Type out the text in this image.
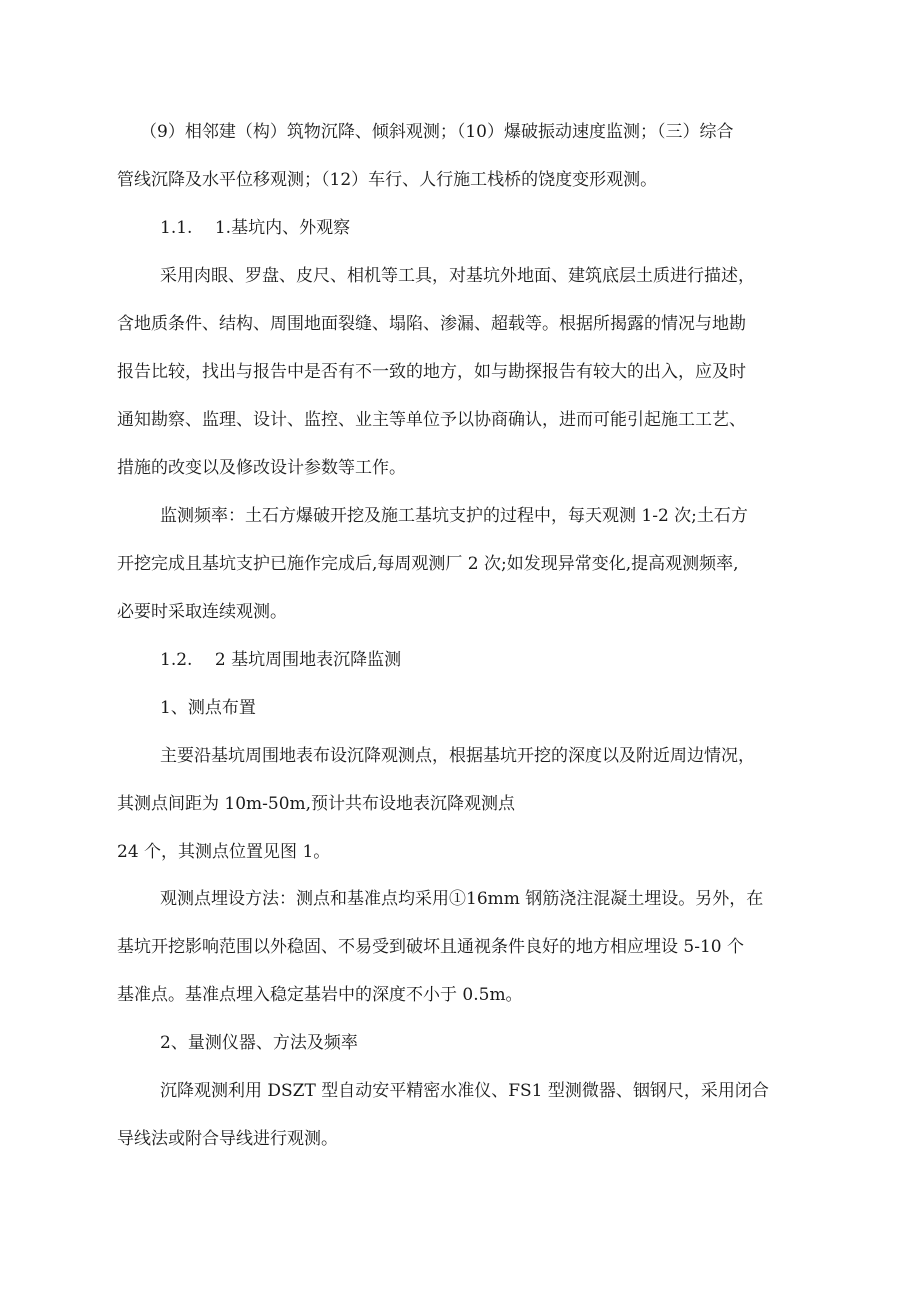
（9）相邻建（构）筑物沉降、倾斜观测；（10）爆破振动速度监测；（三）综合
管线沉降及水平位移观测；（12）车行、人行施工栈桥的饶度变形观测。
1.1.　 1.基坑内、外观察
采用肉眼、罗盘、皮尺、相机等工具，对基坑外地面、建筑底层土质进行描述，
含地质条件、结构、周围地面裂缝、塌陷、渗漏、超载等。根据所揭露的情况与地勘
报告比较，找出与报告中是否有不一致的地方，如与勘探报告有较大的出入，应及时
通知勘察、监理、设计、监控、业主等单位予以协商确认，进而可能引起施工工艺、
措施的改变以及修改设计参数等工作。
监测频率：土石方爆破开挖及施工基坑支护的过程中，每天观测 1-2 次;土石方
开挖完成且基坑支护已施作完成后,每周观测厂 2 次;如发现异常变化,提高观测频率,
必要时采取连续观测。
1.2.　 2 基坑周围地表沉降监测
1、测点布置
主要沿基坑周围地表布设沉降观测点，根据基坑开挖的深度以及附近周边情况，
其测点间距为 10m-50m,预计共布设地表沉降观测点
24 个，其测点位置见图 1。
观测点埋设方法：测点和基准点均采用①16mm 钢筋浇注混凝土埋设。另外，在
基坑开挖影响范围以外稳固、不易受到破坏且通视条件良好的地方相应埋设 5-10 个
基准点。基准点埋入稳定基岩中的深度不小于 0.5m。
2、量测仪器、方法及频率
沉降观测利用 DSZT 型自动安平精密水准仪、FS1 型测微器、铟钢尺，采用闭合
导线法或附合导线进行观测。
